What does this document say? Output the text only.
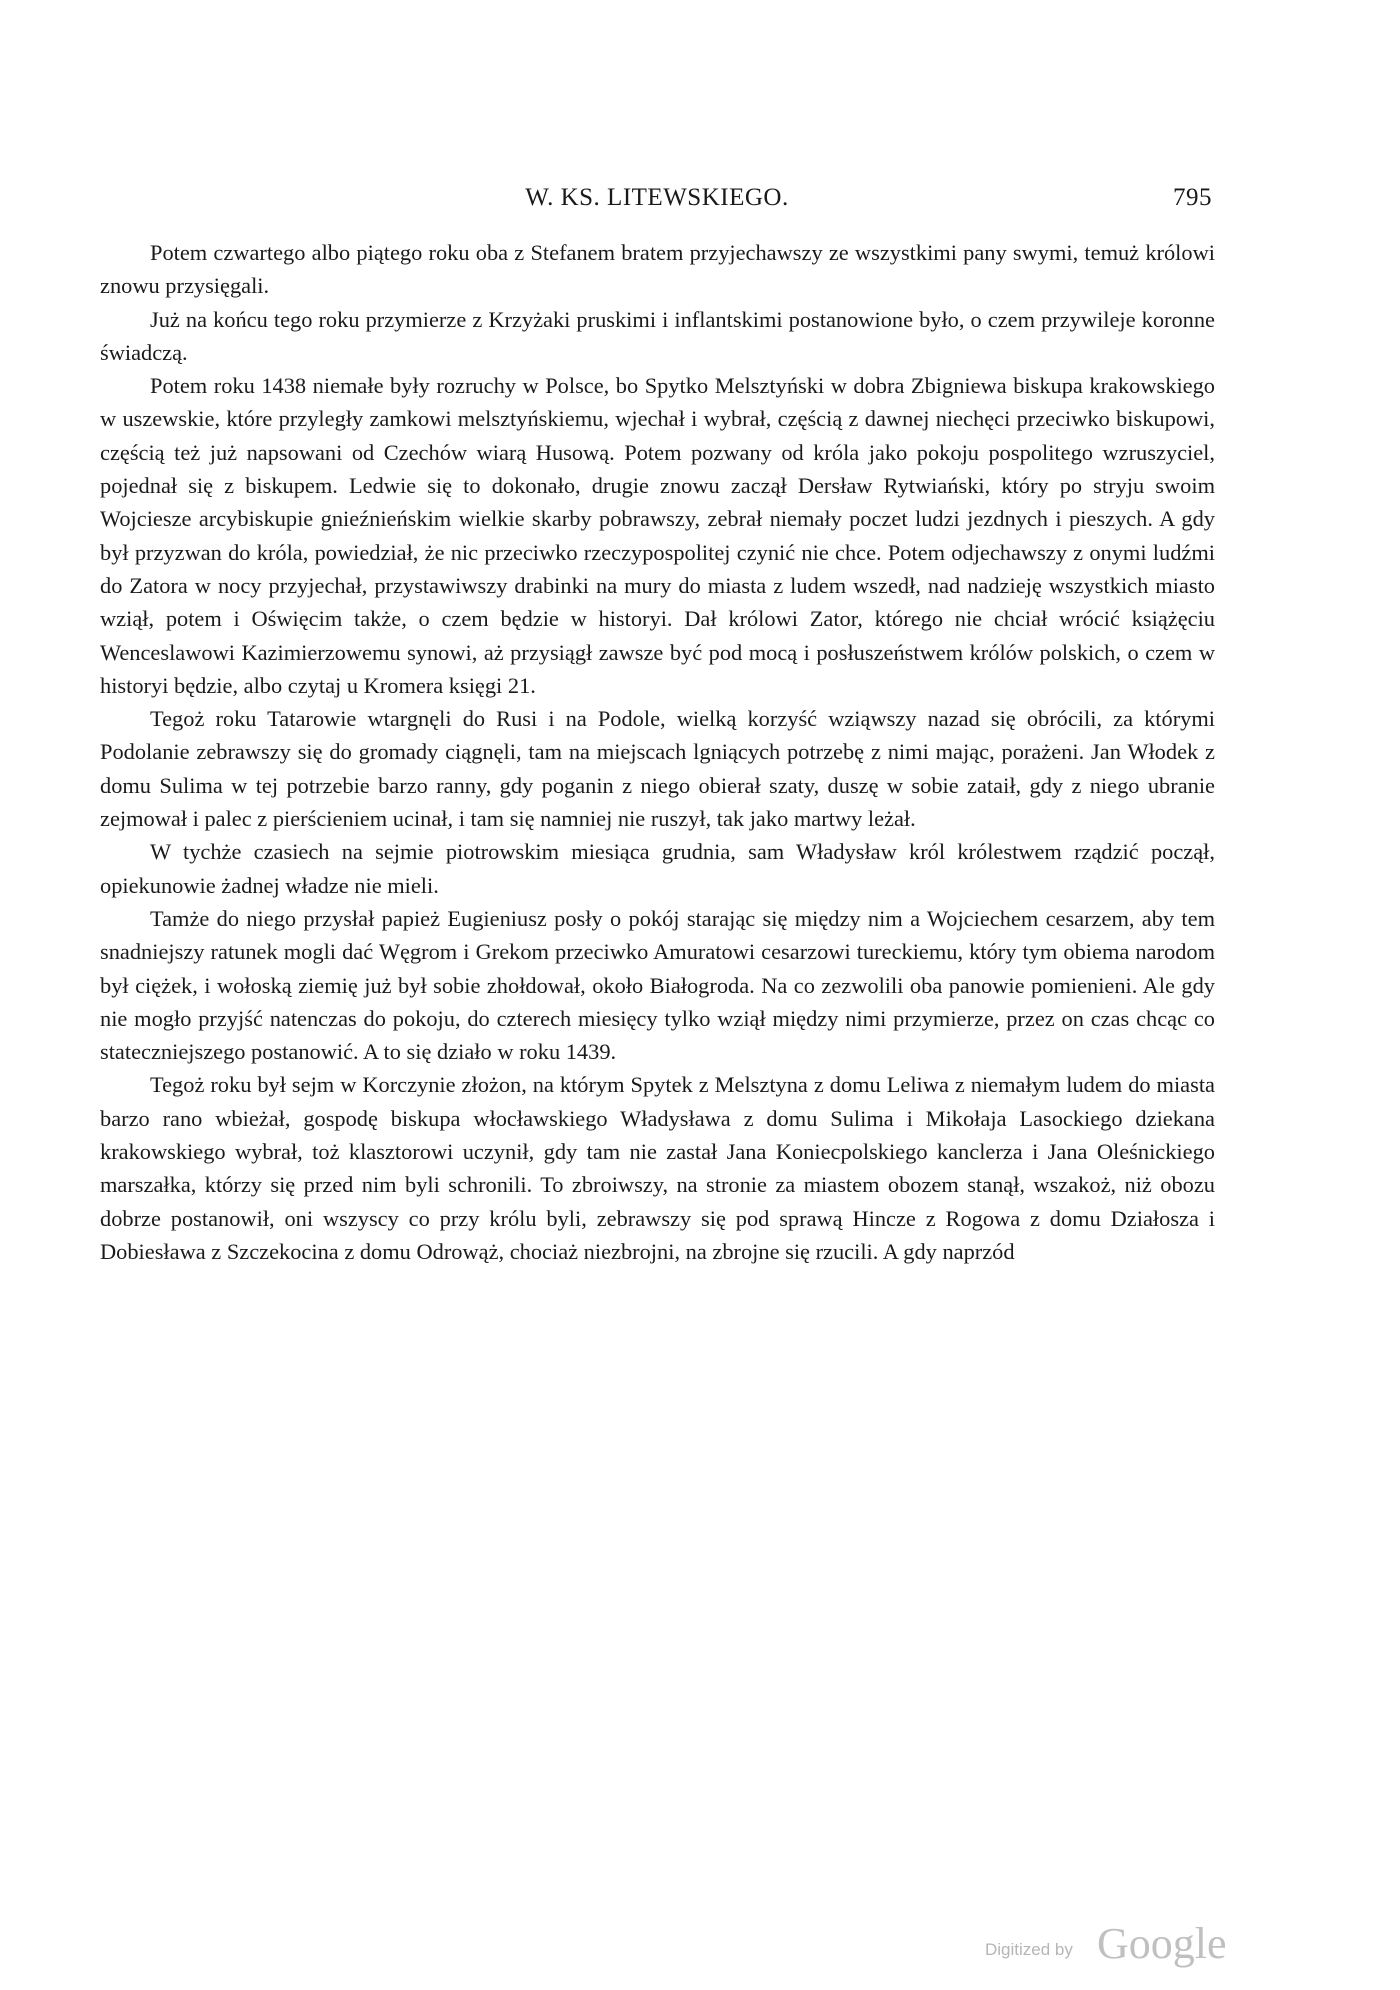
W. KS. LITEWSKIEGO.	795

Potem czwartego albo piątego roku oba z Stefanem bratem przyjechawszy ze wszystkimi pany swymi, temuż królowi znowu przysięgali.

Już na końcu tego roku przymierze z Krzyżaki pruskimi i inflantskimi postanowione było, o czem przywileje koronne świadczą.

Potem roku 1438 niemałe były rozruchy w Polsce, bo Spytko Melsztyński w dobra Zbigniewa biskupa krakowskiego w uszewskie, które przyległy zamkowi melsztyńskiemu, wjechał i wybrał, częścią z dawnej niechęci przeciwko biskupowi, częścią też już napsowani od Czechów wiarą Husową. Potem pozwany od króla jako pokoju pospolitego wzruszyciel, pojednał się z biskupem. Ledwie się to dokonało, drugie znowu zaczął Dersław Rytwiański, który po stryju swoim Wojciesze arcybiskupie gnieźnieńskim wielkie skarby pobrawszy, zebrał niemały poczet ludzi jezdnych i pieszych. A gdy był przyzwan do króla, powiedział, że nic przeciwko rzeczypospolitej czynić nie chce. Potem odjechawszy z onymi ludźmi do Zatora w nocy przyjechał, przystawiwszy drabinki na mury do miasta z ludem wszedł, nad nadzieję wszystkich miasto wziął, potem i Oświęcim także, o czem będzie w historyi. Dał królowi Zator, którego nie chciał wrócić książęciu Wenceslawowi Kazimierzowemu synowi, aż przysiągł zawsze być pod mocą i posłuszeństwem królów polskich, o czem w historyi będzie, albo czytaj u Kromera księgi 21.

Tegoż roku Tatarowie wtargnęli do Rusi i na Podole, wielką korzyść wziąwszy nazad się obrócili, za którymi Podolanie zebrawszy się do gromady ciągnęli, tam na miejscach lgniących potrzebę z nimi mając, porażeni. Jan Włodek z domu Sulima w tej potrzebie barzo ranny, gdy poganin z niego obierał szaty, duszę w sobie zataił, gdy z niego ubranie zejmował i palec z pierścieniem ucinał, i tam się namniej nie ruszył, tak jako martwy leżał.

W tychże czasiech na sejmie piotrowskim miesiąca grudnia, sam Władysław król królestwem rządzić począł, opiekunowie żadnej władze nie mieli.

Tamże do niego przysłał papież Eugieniusz posły o pokój starając się między nim a Wojciechem cesarzem, aby tem snadniejszy ratunek mogli dać Węgrom i Grekom przeciwko Amuratowi cesarzowi tureckiemu, który tym obiema narodom był ciężek, i wołoską ziemię już był sobie zhołdował, około Białogroda. Na co zezwolili oba panowie pomienieni. Ale gdy nie mogło przyjść natenczas do pokoju, do czterech miesięcy tylko wziął między nimi przymierze, przez on czas chcąc co stateczniejszego postanowić. A to się działo w roku 1439.

Tegoż roku był sejm w Korczynie złożon, na którym Spytek z Melsztyna z domu Leliwa z niemałym ludem do miasta barzo rano wbieżał, gospodę biskupa włocławskiego Władysława z domu Sulima i Mikołaja Lasockiego dziekana krakowskiego wybrał, toż klasztorowi uczynił, gdy tam nie zastał Jana Koniecpolskiego kanclerza i Jana Oleśnickiego marszałka, którzy się przed nim byli schronili. To zbroiwszy, na stronie za miastem obozem stanął, wszakoż, niż obozu dobrze postanowił, oni wszyscy co przy królu byli, zebrawszy się pod sprawą Hincze z Rogowa z domu Działosza i Dobiesława z Szczekocina z domu Odrowąż, chociaż niezbrojni, na zbrojne się rzucili. A gdy naprzód

Digitized by Google
